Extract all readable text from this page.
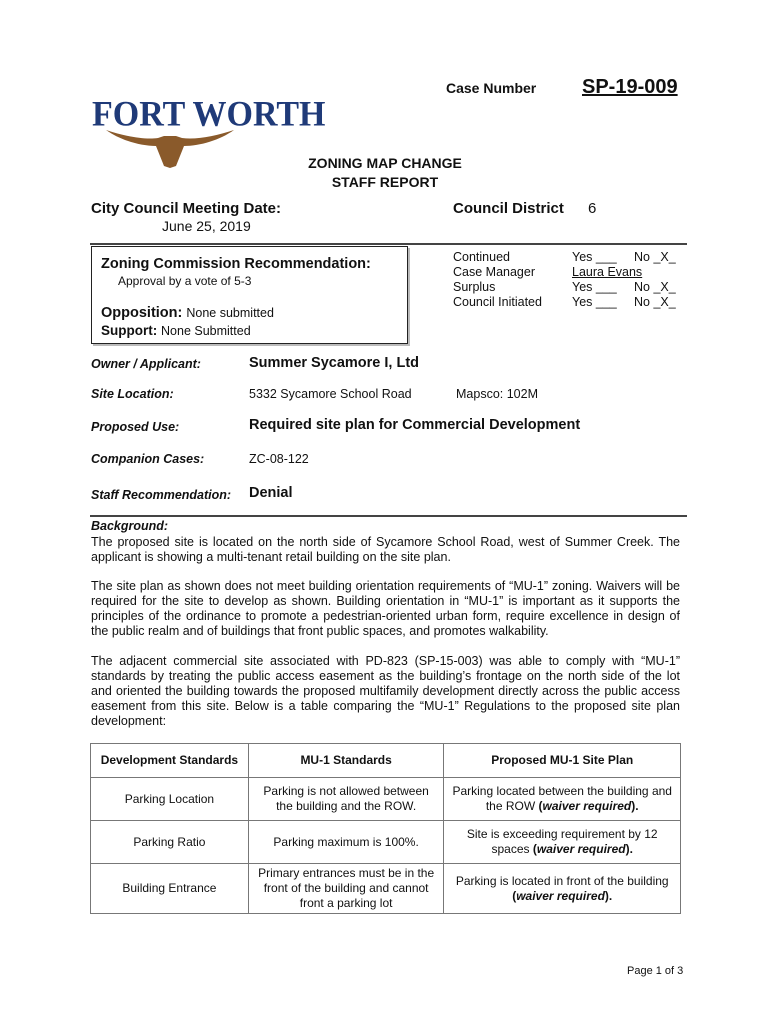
FORT WORTH
Case Number SP-19-009
ZONING MAP CHANGE
STAFF REPORT
City Council Meeting Date:
June 25, 2019
Council District 6
Zoning Commission Recommendation:
Approval by a vote of 5-3
Opposition: None submitted
Support: None Submitted
Continued	Yes ___ No _X_
Case Manager	Laura Evans
Surplus	Yes ___ No _X_
Council Initiated Yes ___ No _X_
Owner / Applicant:	Summer Sycamore I, Ltd
Site Location:	5332 Sycamore School Road	Mapsco: 102M
Proposed Use:	Required site plan for Commercial Development
Companion Cases:	ZC-08-122
Staff Recommendation: Denial
Background:
The proposed site is located on the north side of Sycamore School Road, west of Summer Creek. The applicant is showing a multi-tenant retail building on the site plan.
The site plan as shown does not meet building orientation requirements of “MU-1” zoning. Waivers will be required for the site to develop as shown. Building orientation in “MU-1” is important as it supports the principles of the ordinance to promote a pedestrian-oriented urban form, require excellence in design of the public realm and of buildings that front public spaces, and promotes walkability.
The adjacent commercial site associated with PD-823 (SP-15-003) was able to comply with “MU-1” standards by treating the public access easement as the building’s frontage on the north side of the lot and oriented the building towards the proposed multifamily development directly across the public access easement from this site. Below is a table comparing the “MU-1” Regulations to the proposed site plan development:
Development Standards	MU-1 Standards	Proposed MU-1 Site Plan
Parking Location	Parking is not allowed between the building and the ROW.	Parking located between the building and the ROW (waiver required).
Parking Ratio	Parking maximum is 100%.	Site is exceeding requirement by 12 spaces (waiver required).
Building Entrance	Primary entrances must be in the front of the building and cannot front a parking lot	Parking is located in front of the building (waiver required).
Page 1 of 3
